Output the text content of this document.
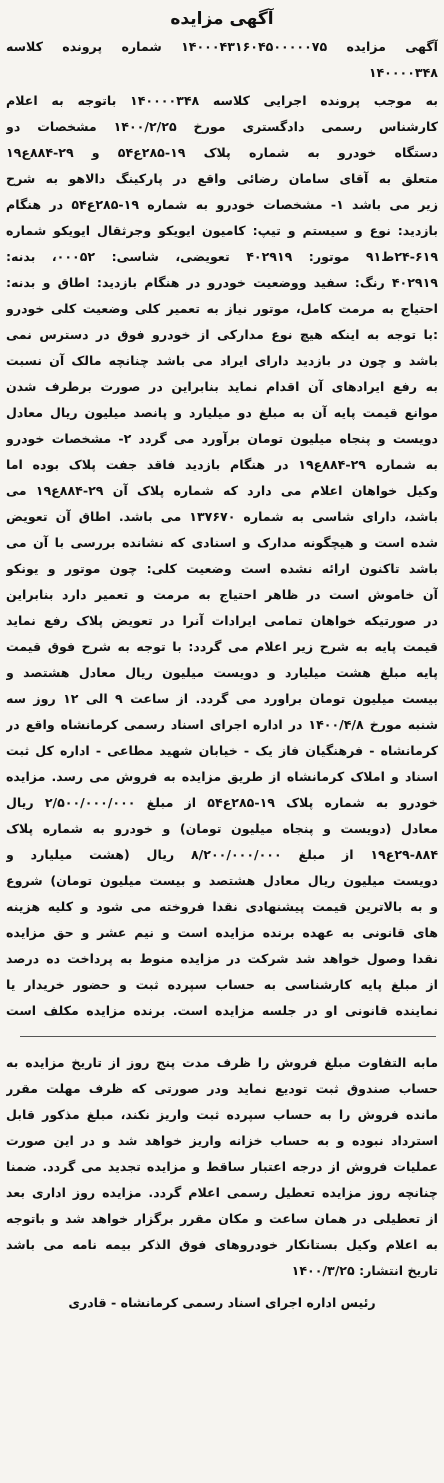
آگهی مزایده
آگهی مزایده ۱۴۰۰۰۴۳۱۶۰۴۵۰۰۰۰۰۷۵ شماره پرونده کلاسه
۱۴۰۰۰۰۳۴۸
به موجب پرونده اجرایی کلاسه ۱۴۰۰۰۰۳۴۸ باتوجه به اعلام
کارشناس رسمی دادگستری مورخ ۱۴۰۰/۲/۲۵ مشخصات دو
دستگاه خودرو به شماره پلاک ۱۹-۲۸۵ع۵۴ و ۲۹-۸۸۴ع۱۹
متعلق به آقای سامان رضائی واقع در پارکینگ دالاهو به شرح
زیر می باشد ۱- مشخصات خودرو به شماره ۱۹-۲۸۵ع۵۴ در هنگام
بازدید: نوع و سیستم و تیپ: کامیون ایویکو وجرثقال ایویکو شماره
۲۴-۶۱۹ط۹۱ موتور: ۴۰۲۹۱۹ تعویضی، شاسی: ۰۰۰۵۲، بدنه:
۴۰۲۹۱۹ رنگ: سفید ووضعیت خودرو در هنگام بازدید: اطاق و بدنه:
احتیاج به مرمت کامل، موتور نیاز به تعمیر کلی وضعیت کلی خودرو
:با توجه به اینکه هیچ نوع مدارکی از خودرو فوق در دسترس نمی
باشد و چون در بازدید دارای ایراد می باشد چنانچه مالک آن نسبت
به رفع ایرادهای آن اقدام نماید بنابراین در صورت برطرف شدن
موانع قیمت پایه آن به مبلغ دو میلیارد و پانصد میلیون ریال معادل
دویست و پنجاه میلیون تومان برآورد می گردد ۲- مشخصات خودرو
به شماره ۲۹-۸۸۴ع۱۹ در هنگام بازدید فاقد جفت پلاک بوده اما
وکیل خواهان اعلام می دارد که شماره پلاک آن ۲۹-۸۸۴ع۱۹ می
باشد، دارای شاسی به شماره ۱۳۷۶۷۰ می باشد. اطاق آن تعویض
شده است و هیچگونه مدارک و اسنادی که نشانده بررسی با آن می
باشد تاکنون ارائه نشده است وضعیت کلی: چون موتور و یونکو
آن خاموش است در ظاهر احتیاج به مرمت و تعمیر دارد بنابراین
در صورتیکه خواهان تمامی ایرادات آنرا در تعویض پلاک رفع نماید
قیمت پایه به شرح زیر اعلام می گردد: با توجه به شرح فوق قیمت
پایه مبلغ هشت میلیارد و دویست میلیون ریال معادل هشتصد و
بیست میلیون تومان براورد می گردد. از ساعت ۹ الی ۱۲ روز سه
شنبه مورخ ۱۴۰۰/۴/۸ در اداره اجرای اسناد رسمی کرمانشاه واقع در
کرمانشاه - فرهنگیان فاز یک - خیابان شهید مطاعی - اداره کل ثبت
اسناد و املاک کرمانشاه از طریق مزایده به فروش می رسد. مزایده
خودرو به شماره پلاک ۱۹-۲۸۵ع۵۴ از مبلغ ۲/۵۰۰/۰۰۰/۰۰۰ ریال
معادل (دویست و پنجاه میلیون تومان) و خودرو به شماره پلاک
۲۹-۸۸۴ع۱۹ از مبلغ ۸/۲۰۰/۰۰۰/۰۰۰ ریال (هشت میلیارد و
دویست میلیون ریال معادل هشتصد و بیست میلیون تومان) شروع
و به بالاترین قیمت پیشنهادی نقدا فروخته می شود و کلیه هزینه
های قانونی به عهده برنده مزایده است و نیم عشر و حق مزایده
نقدا وصول خواهد شد شرکت در مزایده منوط به پرداخت ده درصد
از مبلغ پایه کارشناسی به حساب سپرده ثبت و حضور خریدار یا
نماینده قانونی او در جلسه مزایده است. برنده مزایده مکلف است
مابه التفاوت مبلغ فروش را ظرف مدت پنج روز از تاریخ مزایده به
حساب صندوق ثبت تودیع نماید ودر صورتی که ظرف مهلت مقرر
مانده فروش را به حساب سپرده ثبت واریز نکند، مبلغ مذکور قابل
استرداد نبوده و به حساب خزانه واریز خواهد شد و در این صورت
عملیات فروش از درجه اعتبار ساقط و مزایده تجدید می گردد. ضمنا
چنانچه روز مزایده تعطیل رسمی اعلام گردد. مزایده روز اداری بعد
از تعطیلی در همان ساعت و مکان مقرر برگزار خواهد شد و باتوجه
به اعلام وکیل بستانکار خودروهای فوق الذکر بیمه نامه می باشد
تاریخ انتشار: ۱۴۰۰/۳/۲۵
رئیس اداره اجرای اسناد رسمی کرمانشاه - قادری
